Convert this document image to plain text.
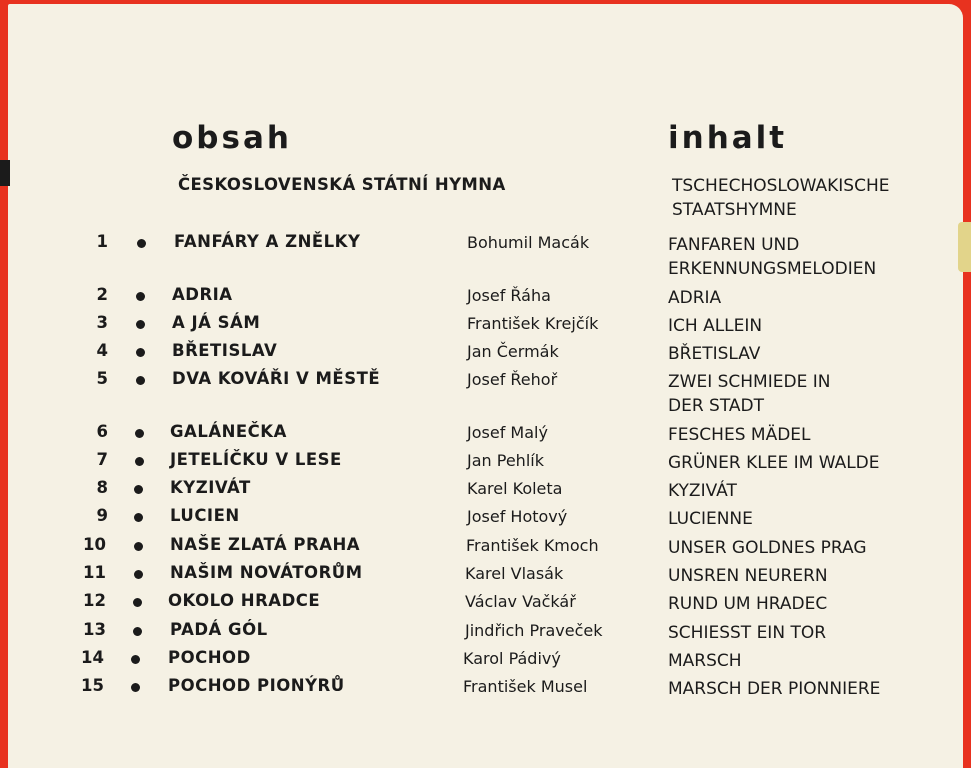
obsah	inhalt
ČESKOSLOVENSKÁ STÁTNÍ HYMNA	TSCHECHOSLOWAKISCHE STAATSHYMNE
1	FANFÁRY A ZNĚLKY	Bohumil Macák	FANFAREN UND ERKENNUNGSMELODIEN
2	ADRIA	Josef Řáha	ADRIA
3	A JÁ SÁM	František Krejčík	ICH ALLEIN
4	BŘETISLAV	Jan Čermák	BŘETISLAV
5	DVA KOVÁŘI V MĚSTĚ	Josef Řehoř	ZWEI SCHMIEDE IN DER STADT
6	GALÁNEČKA	Josef Malý	FESCHES MÄDEL
7	JETELÍČKU V LESE	Jan Pehlík	GRÜNER KLEE IM WALDE
8	KYZIVÁT	Karel Koleta	KYZIVÁT
9	LUCIEN	Josef Hotový	LUCIENNE
10	NAŠE ZLATÁ PRAHA	František Kmoch	UNSER GOLDNES PRAG
11	NAŠIM NOVÁTORŮM	Karel Vlasák	UNSREN NEURERN
12	OKOLO HRADCE	Václav Vačkář	RUND UM HRADEC
13	PADÁ GÓL	Jindřich Praveček	SCHIESST EIN TOR
14	POCHOD	Karol Pádivý	MARSCH
15	POCHOD PIONÝRŮ	František Musel	MARSCH DER PIONNIERE
